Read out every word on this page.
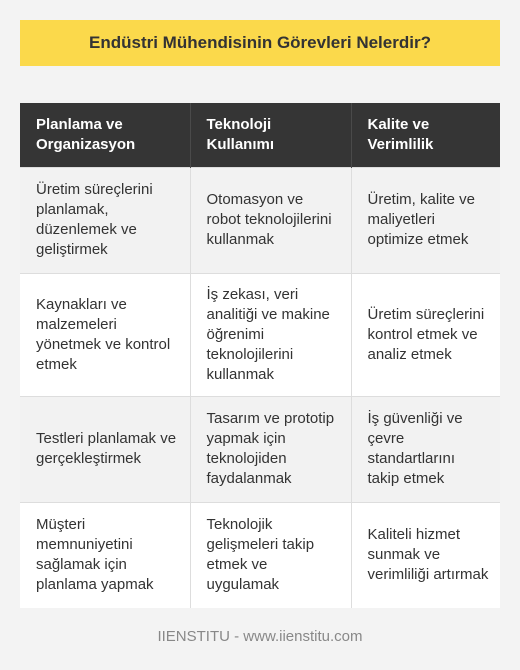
Endüstri Mühendisinin Görevleri Nelerdir?
Planlama ve Organizasyon	Teknoloji Kullanımı	Kalite ve Verimlilik
Üretim süreçlerini planlamak, düzenlemek ve geliştirmek	Otomasyon ve robot teknolojilerini kullanmak	Üretim, kalite ve maliyetleri optimize etmek
Kaynakları ve malzemeleri yönetmek ve kontrol etmek	İş zekası, veri analitiği ve makine öğrenimi teknolojilerini kullanmak	Üretim süreçlerini kontrol etmek ve analiz etmek
Testleri planlamak ve gerçekleştirmek	Tasarım ve prototip yapmak için teknolojiden faydalanmak	İş güvenliği ve çevre standartlarını takip etmek
Müşteri memnuniyetini sağlamak için planlama yapmak	Teknolojik gelişmeleri takip etmek ve uygulamak	Kaliteli hizmet sunmak ve verimliliği artırmak
IIENSTITU - www.iienstitu.com
